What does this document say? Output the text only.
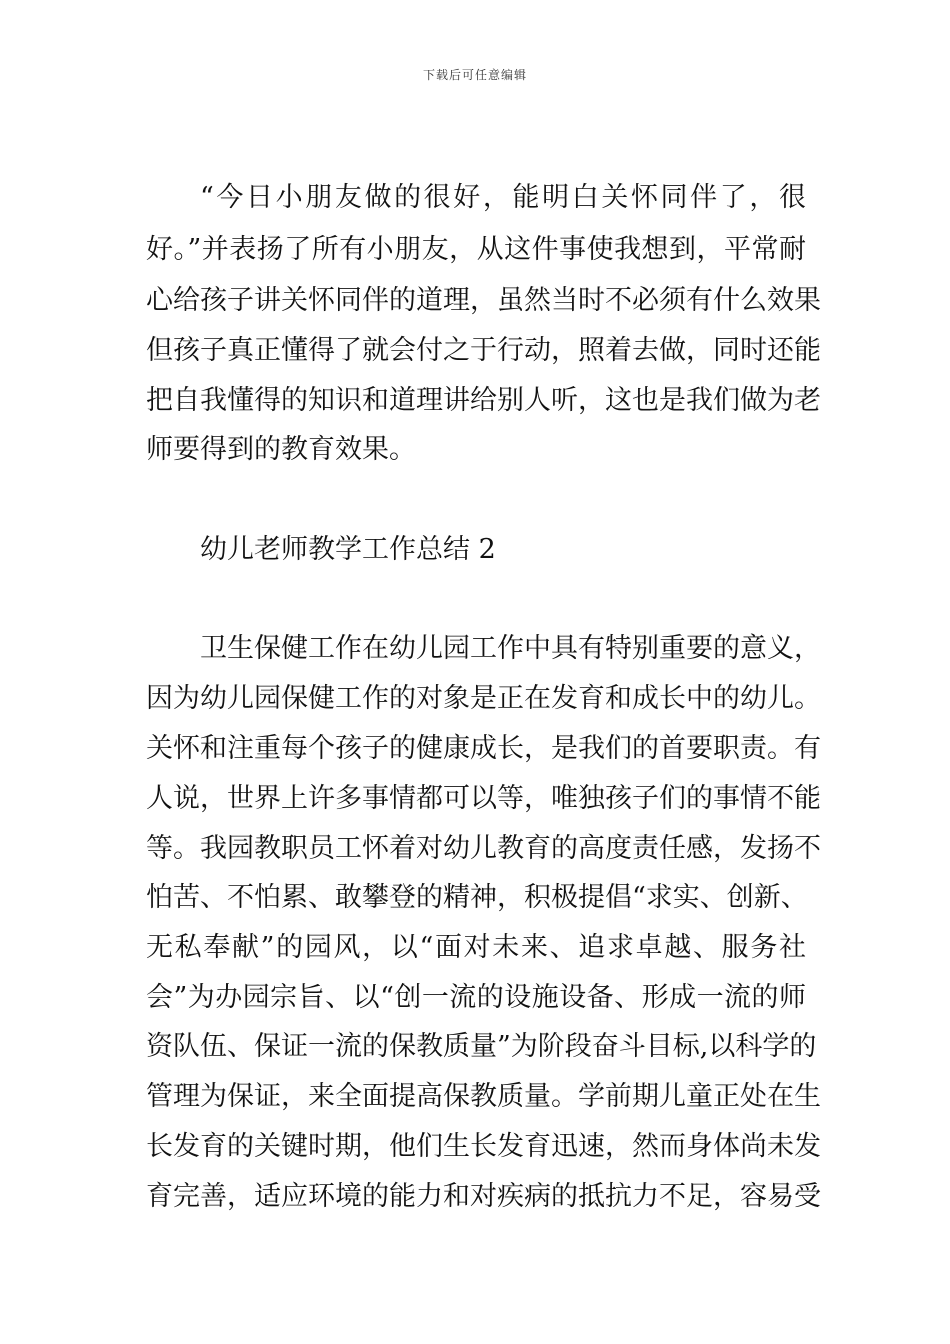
下载后可任意编辑
“今日小朋友做的很好，能明白关怀同伴了，很
好。”并表扬了所有小朋友，从这件事使我想到，平常耐
心给孩子讲关怀同伴的道理，虽然当时不必须有什么效果
但孩子真正懂得了就会付之于行动，照着去做，同时还能
把自我懂得的知识和道理讲给别人听，这也是我们做为老
师要得到的教育效果。
幼儿老师教学工作总结 2
卫生保健工作在幼儿园工作中具有特别重要的意义，
因为幼儿园保健工作的对象是正在发育和成长中的幼儿。
关怀和注重每个孩子的健康成长，是我们的首要职责。有
人说，世界上许多事情都可以等，唯独孩子们的事情不能
等。我园教职员工怀着对幼儿教育的高度责任感，发扬不
怕苦、不怕累、敢攀登的精神，积极提倡“求实、创新、
无私奉献”的园风，以“面对未来、追求卓越、服务社
会”为办园宗旨、以“创一流的设施设备、形成一流的师
资队伍、保证一流的保教质量”为阶段奋斗目标,以科学的
管理为保证，来全面提高保教质量。学前期儿童正处在生
长发育的关键时期，他们生长发育迅速，然而身体尚未发
育完善，适应环境的能力和对疾病的抵抗力不足，容易受
